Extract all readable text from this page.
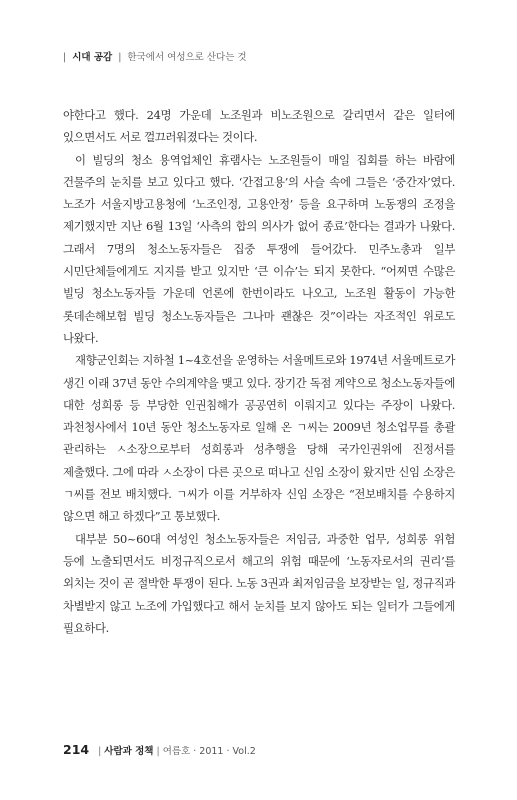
| 시대 공감 | 한국에서 여성으로 산다는 것

야한다고 했다. 24명 가운데 노조원과 비노조원으로 갈리면서 같은 일터에 있으면서도 서로 껄끄러워졌다는 것이다.

이 빌딩의 청소 용역업체인 휴램사는 노조원들이 매일 집회를 하는 바람에 건물주의 눈치를 보고 있다고 했다. ‘간접고용’의 사슬 속에 그들은 ‘중간자’였다. 노조가 서울지방고용청에 ‘노조인정, 고용안정’ 등을 요구하며 노동쟁의 조정을 제기했지만 지난 6월 13일 ‘사측의 합의 의사가 없어 종료’한다는 결과가 나왔다. 그래서 7명의 청소노동자들은 집중 투쟁에 들어갔다. 민주노총과 일부 시민단체들에게도 지지를 받고 있지만 ‘큰 이슈’는 되지 못한다. “어찌면 수많은 빌딩 청소노동자들 가운데 언론에 한번이라도 나오고, 노조원 활동이 가능한 롯데손해보험 빌딩 청소노동자들은 그나마 괜찮은 것”이라는 자조적인 위로도 나왔다.

재향군인회는 지하철 1~4호선을 운영하는 서울메트로와 1974년 서울메트로가 생긴 이래 37년 동안 수의계약을 맺고 있다. 장기간 독점 계약으로 청소노동자들에 대한 성희롱 등 부당한 인권침해가 공공연히 이뤄지고 있다는 주장이 나왔다. 과천청사에서 10년 동안 청소노동자로 일해 온 ㄱ씨는 2009년 청소업무를 총괄 관리하는 ㅅ소장으로부터 성희롱과 성추행을 당해 국가인권위에 진정서를 제출했다. 그에 따라 ㅅ소장이 다른 곳으로 떠나고 신임 소장이 왔지만 신임 소장은 ㄱ씨를 전보 배치했다. ㄱ씨가 이를 거부하자 신임 소장은 “전보배치를 수용하지 않으면 해고 하겠다”고 통보했다.

대부분 50~60대 여성인 청소노동자들은 저임금, 과중한 업무, 성희롱 위험 등에 노출되면서도 비정규직으로서 해고의 위험 때문에 ‘노동자로서의 권리’를 외치는 것이 곧 절박한 투쟁이 된다. 노동 3권과 최저임금을 보장받는 일, 정규직과 차별받지 않고 노조에 가입했다고 해서 눈치를 보지 않아도 되는 일터가 그들에게 필요하다.

214 | 사람과 정책 | 여름호 · 2011 · Vol.2
